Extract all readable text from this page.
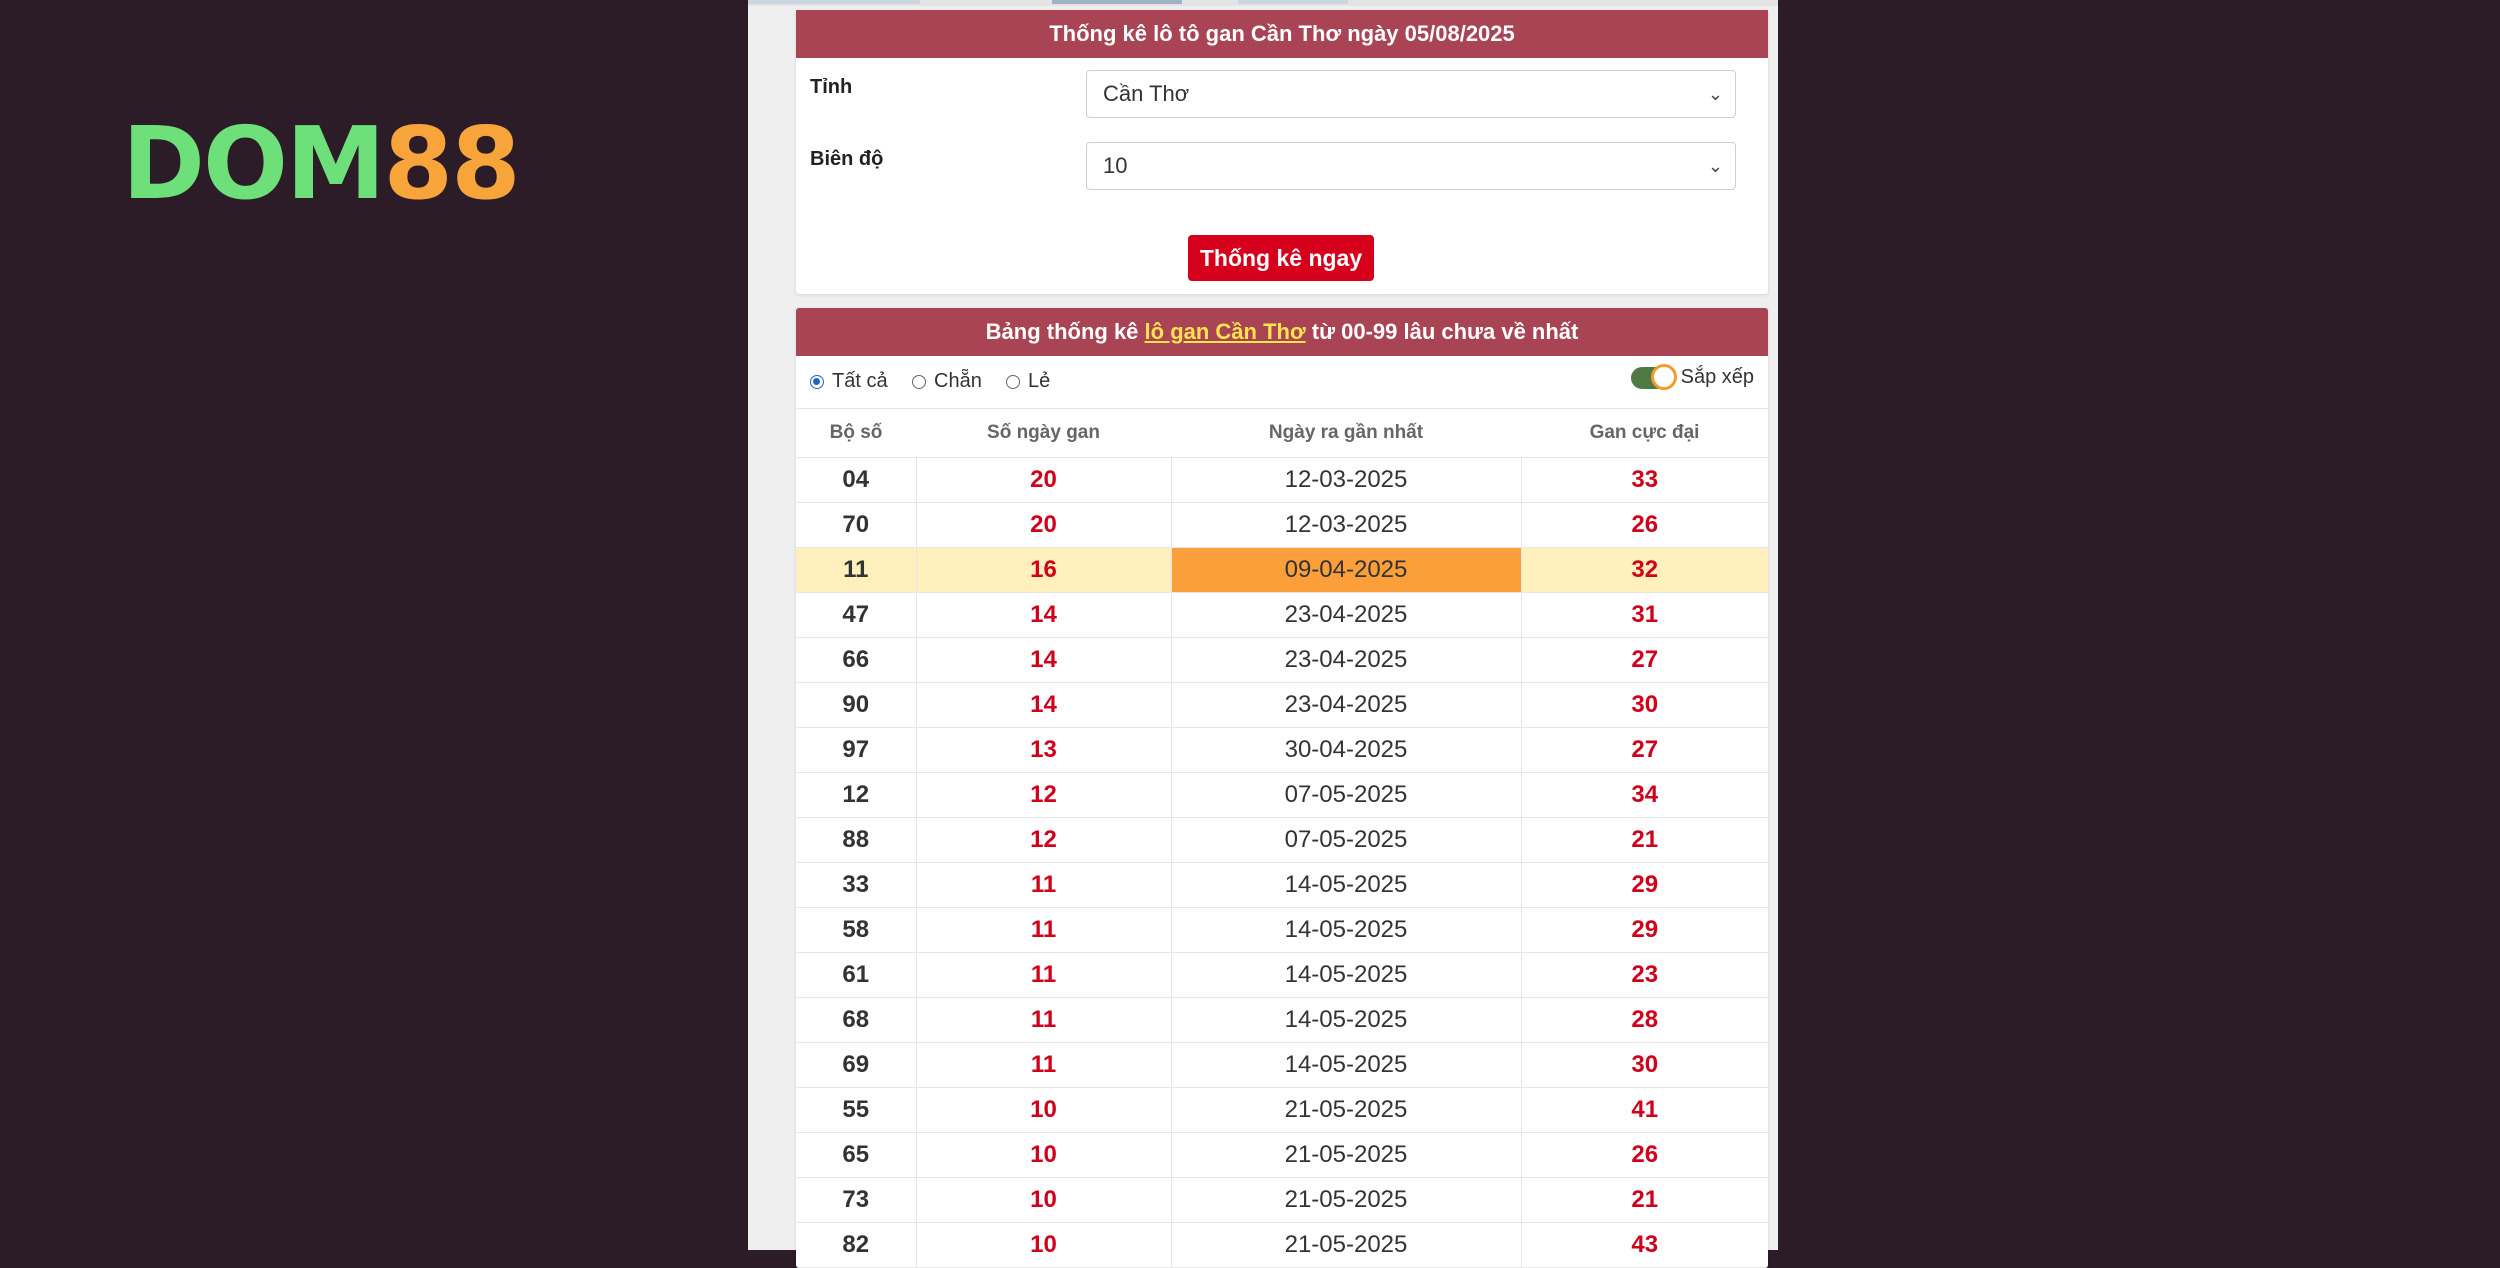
DOM 88
Thống kê lô tô gan Cần Thơ ngày 05/08/2025
Tỉnh	Cần Thơ	⌄
Biên độ	10	⌄
Thống kê ngay
Bảng thống kê lô gan Cần Thơ từ 00-99 lâu chưa về nhất
Tất cả Chẵn Lẻ	Sắp xếp
Bộ số	Số ngày gan	Ngày ra gần nhất	Gan cực đại
04	20	12-03-2025	33
70	20	12-03-2025	26
11	16	09-04-2025	32
47	14	23-04-2025	31
66	14	23-04-2025	27
90	14	23-04-2025	30
97	13	30-04-2025	27
12	12	07-05-2025	34
88	12	07-05-2025	21
33	11	14-05-2025	29
58	11	14-05-2025	29
61	11	14-05-2025	23
68	11	14-05-2025	28
69	11	14-05-2025	30
55	10	21-05-2025	41
65	10	21-05-2025	26
73	10	21-05-2025	21
82	10	21-05-2025	43
